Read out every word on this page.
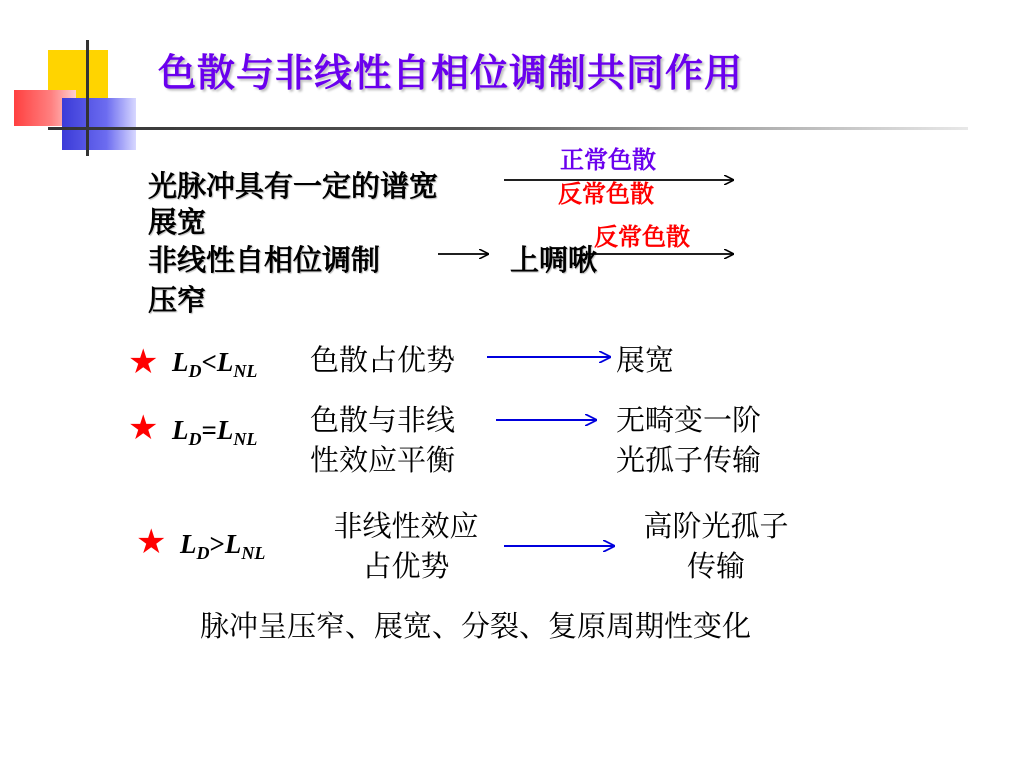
色散与非线性自相位调制共同作用
光脉冲具有一定的谱宽
展宽
正常色散
反常色散
非线性自相位调制	上啁啾
压窄
反常色散
★ $L_D<L_{NL}$ 色散占优势	展宽
★ $L_D=L_{NL}$
色散与非线
性效应平衡
无畸变一阶
光孤子传输
★ $L_D>L_{NL}$
非线性效应
占优势
高阶光孤子
传输
脉冲呈压窄、展宽、分裂、复原周期性变化
